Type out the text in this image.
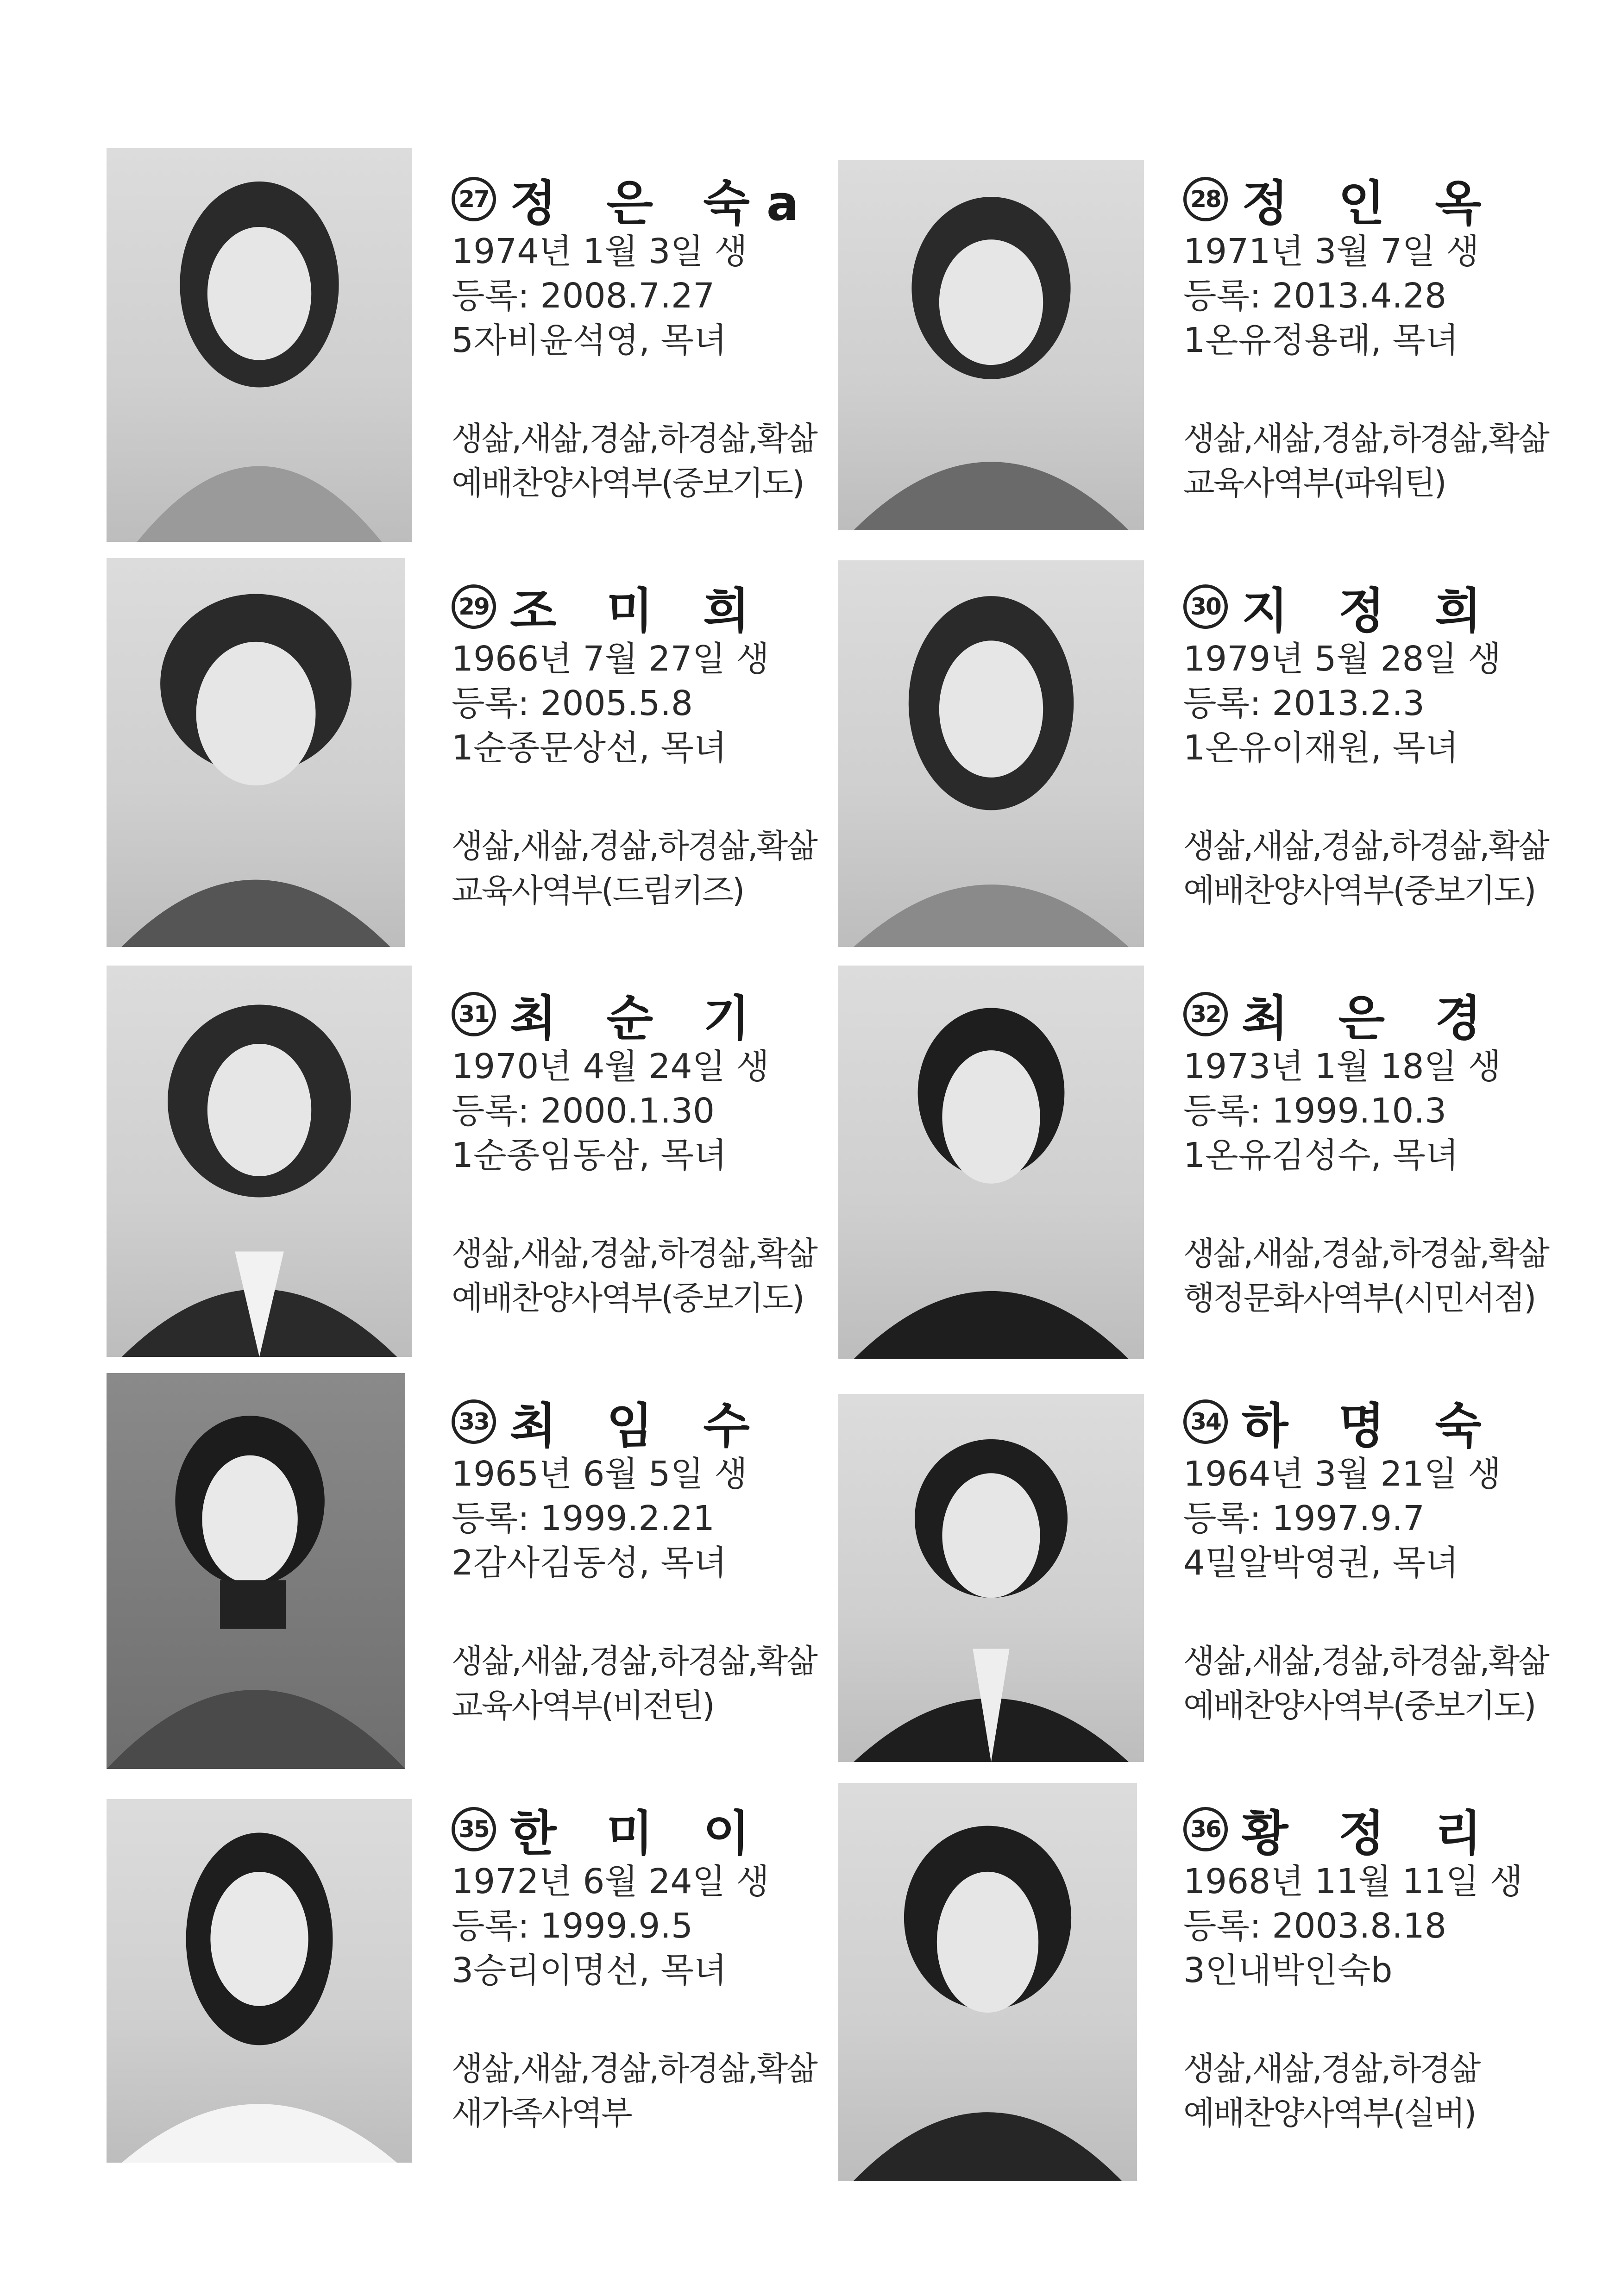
27 정 은 숙a
1974년 1월 3일 생
등록: 2008.7.27
5자비윤석영, 목녀
생삶,새삶,경삶,하경삶,확삶
예배찬양사역부(중보기도)
28 정 인 옥
1971년 3월 7일 생
등록: 2013.4.28
1온유정용래, 목녀
생삶,새삶,경삶,하경삶,확삶
교육사역부(파워틴)
29 조 미 희
1966년 7월 27일 생
등록: 2005.5.8
1순종문상선, 목녀
생삶,새삶,경삶,하경삶,확삶
교육사역부(드림키즈)
30 지 정 희
1979년 5월 28일 생
등록: 2013.2.3
1온유이재원, 목녀
생삶,새삶,경삶,하경삶,확삶
예배찬양사역부(중보기도)
31 최 순 기
1970년 4월 24일 생
등록: 2000.1.30
1순종임동삼, 목녀
생삶,새삶,경삶,하경삶,확삶
예배찬양사역부(중보기도)
32 최 은 경
1973년 1월 18일 생
등록: 1999.10.3
1온유김성수, 목녀
생삶,새삶,경삶,하경삶,확삶
행정문화사역부(시민서점)
33 최 임 수
1965년 6월 5일 생
등록: 1999.2.21
2감사김동성, 목녀
생삶,새삶,경삶,하경삶,확삶
교육사역부(비전틴)
34 하 명 숙
1964년 3월 21일 생
등록: 1997.9.7
4밀알박영권, 목녀
생삶,새삶,경삶,하경삶,확삶
예배찬양사역부(중보기도)
35 한 미 이
1972년 6월 24일 생
등록: 1999.9.5
3승리이명선, 목녀
생삶,새삶,경삶,하경삶,확삶
새가족사역부
36 황 정 리
1968년 11월 11일 생
등록: 2003.8.18
3인내박인숙b
생삶,새삶,경삶,하경삶
예배찬양사역부(실버)
